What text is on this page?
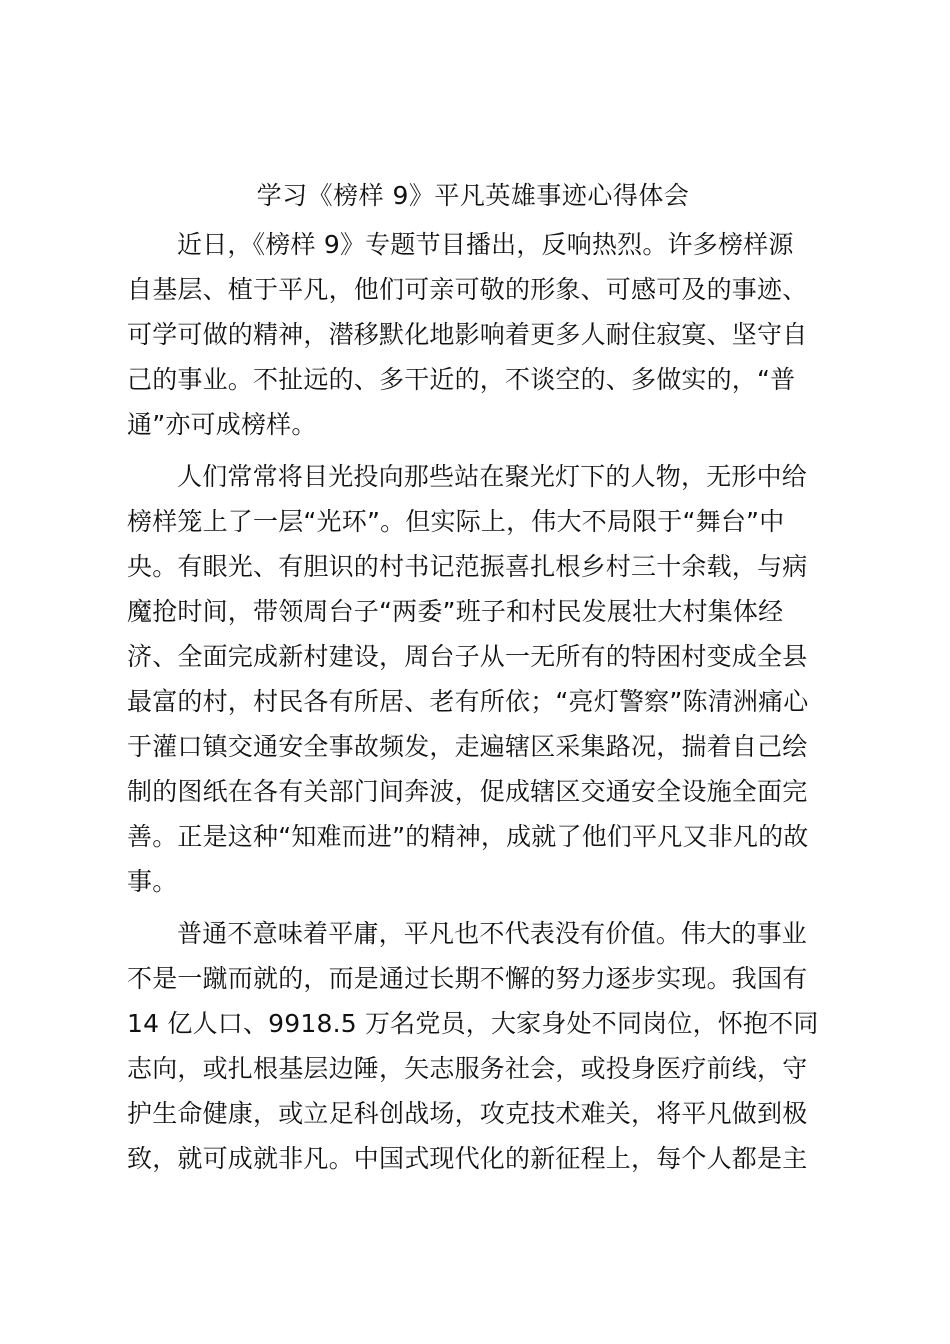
学习《榜样 9》平凡英雄事迹心得体会

近日，《榜样 9》专题节目播出，反响热烈。许多榜样源
自基层、植于平凡，他们可亲可敬的形象、可感可及的事迹、
可学可做的精神，潜移默化地影响着更多人耐住寂寞、坚守自
己的事业。不扯远的、多干近的，不谈空的、多做实的，“普
通”亦可成榜样。

人们常常将目光投向那些站在聚光灯下的人物，无形中给
榜样笼上了一层“光环”。但实际上，伟大不局限于“舞台”中
央。有眼光、有胆识的村书记范振喜扎根乡村三十余载，与病
魔抢时间，带领周台子“两委”班子和村民发展壮大村集体经
济、全面完成新村建设，周台子从一无所有的特困村变成全县
最富的村，村民各有所居、老有所依；“亮灯警察”陈清洲痛心
于灌口镇交通安全事故频发，走遍辖区采集路况，揣着自己绘
制的图纸在各有关部门间奔波，促成辖区交通安全设施全面完
善。正是这种“知难而进”的精神，成就了他们平凡又非凡的故
事。

普通不意味着平庸，平凡也不代表没有价值。伟大的事业
不是一蹴而就的，而是通过长期不懈的努力逐步实现。我国有
14 亿人口、9918.5 万名党员，大家身处不同岗位，怀抱不同
志向，或扎根基层边陲，矢志服务社会，或投身医疗前线，守
护生命健康，或立足科创战场，攻克技术难关，将平凡做到极
致，就可成就非凡。中国式现代化的新征程上，每个人都是主
